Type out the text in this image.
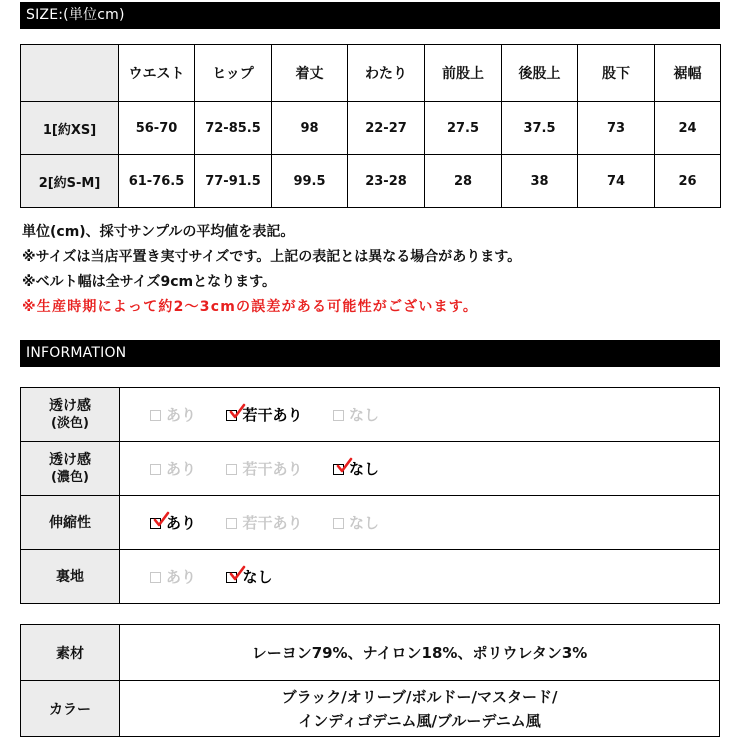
SIZE:(単位cm)
	ウエスト	ヒップ	着丈	わたり	前股上	後股上	股下	裾幅
1[約XS]	56-70	72-85.5	98	22-27	27.5	37.5	73	24
2[約S-M]	61-76.5	77-91.5	99.5	23-28	28	38	74	26
単位(cm)、採寸サンプルの平均値を表記。
※サイズは当店平置き実寸サイズです。上記の表記とは異なる場合があります。
※ベルト幅は全サイズ9cmとなります。
※生産時期によって約2〜3cmの誤差がある可能性がございます。
INFORMATION
透け感
(淡色)	あり 若干あり なし
透け感
(濃色)	あり 若干あり なし
伸縮性	あり 若干あり なし
裏地	あり なし
素材	レーヨン79%、ナイロン18%、ポリウレタン3%
カラー	ブラック/オリーブ/ボルドー/マスタード/
インディゴデニム風/ブルーデニム風
